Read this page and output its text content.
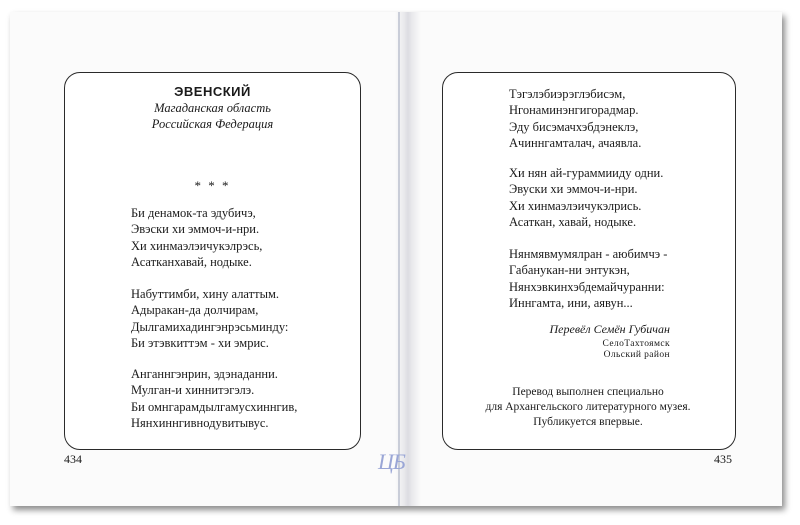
ЭВЕНСКИЙ
Магаданская область
Российская Федерация
* * *
Би денамок-та эдубичэ,
Эвэски хи эммоч-и-нри.
Хи хинмаэлэичукэлрэсь,
Асатканхавай, нодыке.
Набуттимби, хину алаттым.
Адыракан-да долчирам,
Дылгамихадингэнрэсьминду:
Би этэвкиттэм - хи эмрис.
Анганнгэнрин, эдэнаданни.
Мулган-и хиннитэгэлэ.
Би омнгарамдылгамусхиннгив,
Нянхиннгивнодувитывус.
434
Тэгэлэбиэрэглэбисэм,
Нгонаминэнгигорадмар.
Эду бисэмачхэбдэнеклэ,
Ачиннгамталач, ачаявла.
Хи нян ай-гураммииду одни.
Эвуски хи эммоч-и-нри.
Хи хинмаэлэичукэлрись.
Асаткан, хавай, нодыке.
Нянмявмумялран - аюбимчэ -
Габанукан-ни энтукэн,
Нянхэвкинхэбдемайчуранни:
Иннгамта, ини, аявун...
Перевёл Семён Губичан
СелоТахтоямск
Ольский район
Перевод выполнен специально
для Архангельского литературного музея.
Публикуется впервые.
435
ЦБ
